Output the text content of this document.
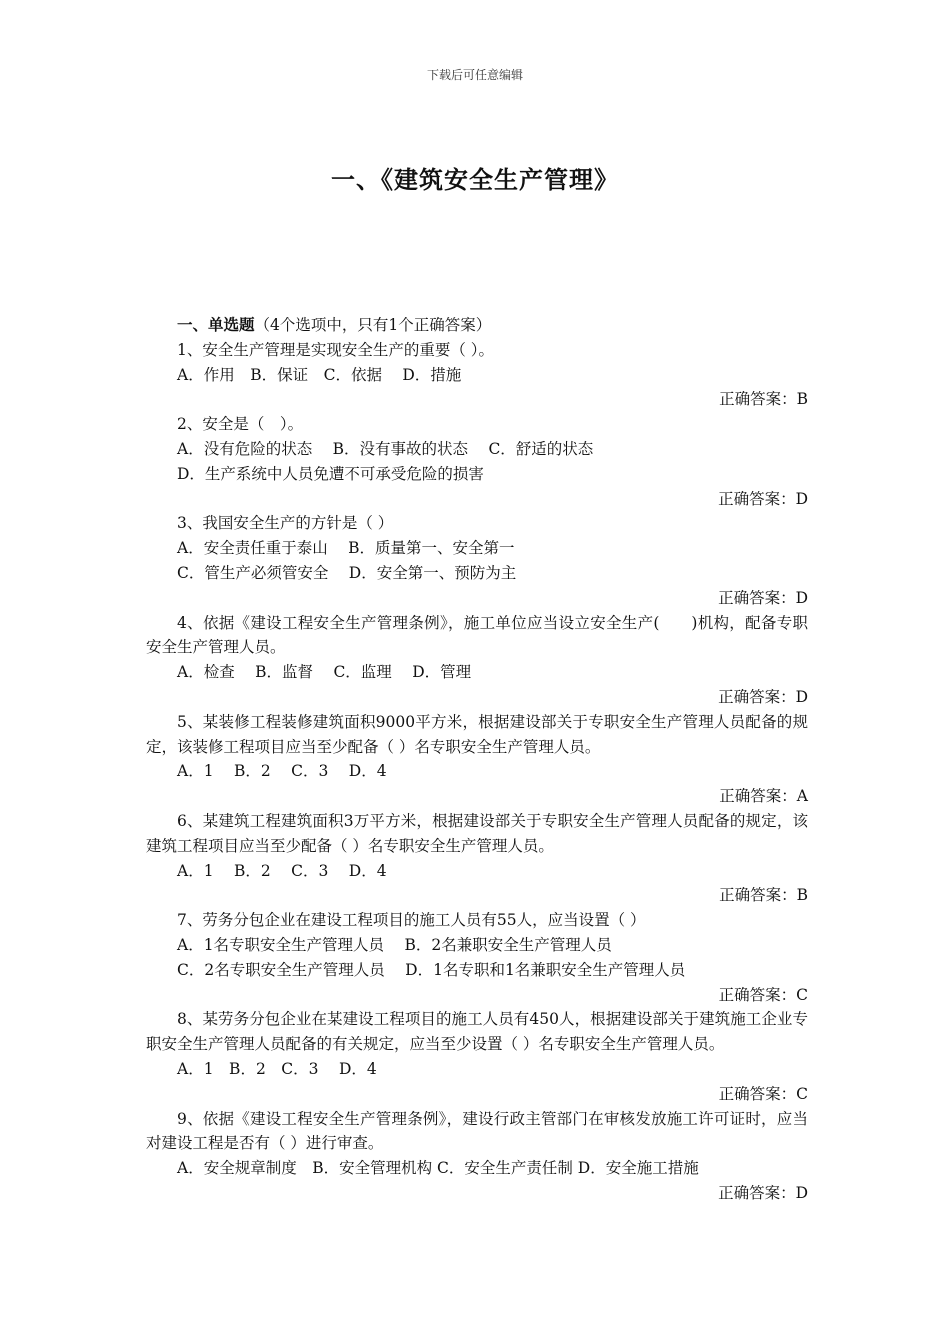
下载后可任意编辑
一、《建筑安全生产管理》
一、单选题（4个选项中，只有1个正确答案）
1、安全生产管理是实现安全生产的重要（ ）。
A．作用　B．保证　C．依据　 D．措施
正确答案：B
2、安全是（　）。
A．没有危险的状态　 B．没有事故的状态　 C．舒适的状态
D．生产系统中人员免遭不可承受危险的损害
正确答案：D
3、我国安全生产的方针是（ ）
A．安全责任重于泰山　 B．质量第一、安全第一
C．管生产必须管安全　 D．安全第一、预防为主
正确答案：D
4、依据《建设工程安全生产管理条例》，施工单位应当设立安全生产(　　)机构，配备专职安全生产管理人员。
A．检查　 B．监督　 C．监理　 D．管理
正确答案：D
5、某装修工程装修建筑面积9000平方米，根据建设部关于专职安全生产管理人员配备的规定，该装修工程项目应当至少配备（ ）名专职安全生产管理人员。
A．1　 B．2　 C．3　 D．4
正确答案：A
6、某建筑工程建筑面积3万平方米，根据建设部关于专职安全生产管理人员配备的规定，该建筑工程项目应当至少配备（ ）名专职安全生产管理人员。
A．1　 B．2　 C．3　 D．4
正确答案：B
7、劳务分包企业在建设工程项目的施工人员有55人，应当设置（ ）
A．1名专职安全生产管理人员　 B．2名兼职安全生产管理人员
C．2名专职安全生产管理人员　 D．1名专职和1名兼职安全生产管理人员
正确答案：C
8、某劳务分包企业在某建设工程项目的施工人员有450人，根据建设部关于建筑施工企业专职安全生产管理人员配备的有关规定，应当至少设置（ ）名专职安全生产管理人员。
A．1　B．2　C．3　 D．4
正确答案：C
9、依据《建设工程安全生产管理条例》，建设行政主管部门在审核发放施工许可证时，应当对建设工程是否有（ ）进行审查。
A．安全规章制度　B．安全管理机构 C．安全生产责任制 D．安全施工措施
正确答案：D
